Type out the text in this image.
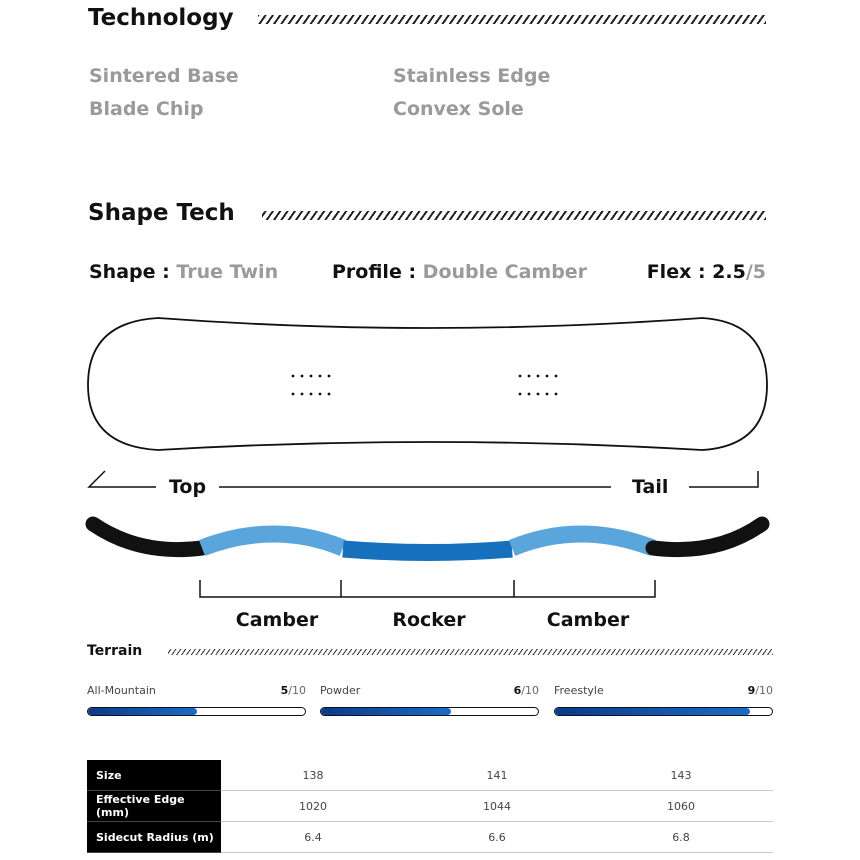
Technology
Sintered Base	Stainless Edge
Blade Chip	Convex Sole
Shape Tech
Shape : True Twin	Profile : Double Camber	Flex : 2.5/5
Top	Tail
Camber	Rocker	Camber
Terrain
All-Mountain	5/10 Powder	6/10 Freestyle	9/10
Size	138	141	143
Effective Edge (mm)	1020	1044	1060
Sidecut Radius (m)	6.4	6.6	6.8
